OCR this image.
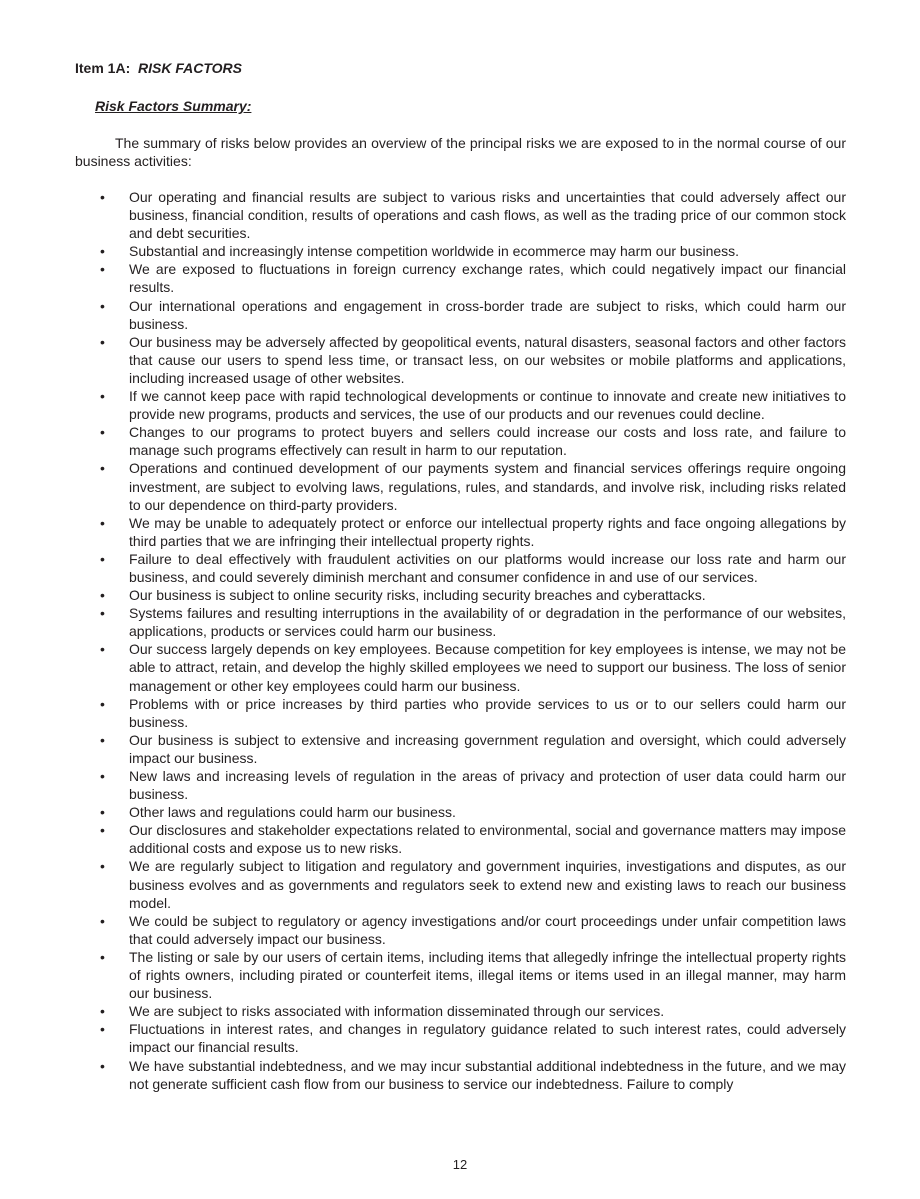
Item 1A: RISK FACTORS

Risk Factors Summary:

The summary of risks below provides an overview of the principal risks we are exposed to in the normal course of our business activities:

• Our operating and financial results are subject to various risks and uncertainties that could adversely affect our business, financial condition, results of operations and cash flows, as well as the trading price of our common stock and debt securities.
• Substantial and increasingly intense competition worldwide in ecommerce may harm our business.
• We are exposed to fluctuations in foreign currency exchange rates, which could negatively impact our financial results.
• Our international operations and engagement in cross-border trade are subject to risks, which could harm our business.
• Our business may be adversely affected by geopolitical events, natural disasters, seasonal factors and other factors that cause our users to spend less time, or transact less, on our websites or mobile platforms and applications, including increased usage of other websites.
• If we cannot keep pace with rapid technological developments or continue to innovate and create new initiatives to provide new programs, products and services, the use of our products and our revenues could decline.
• Changes to our programs to protect buyers and sellers could increase our costs and loss rate, and failure to manage such programs effectively can result in harm to our reputation.
• Operations and continued development of our payments system and financial services offerings require ongoing investment, are subject to evolving laws, regulations, rules, and standards, and involve risk, including risks related to our dependence on third-party providers.
• We may be unable to adequately protect or enforce our intellectual property rights and face ongoing allegations by third parties that we are infringing their intellectual property rights.
• Failure to deal effectively with fraudulent activities on our platforms would increase our loss rate and harm our business, and could severely diminish merchant and consumer confidence in and use of our services.
• Our business is subject to online security risks, including security breaches and cyberattacks.
• Systems failures and resulting interruptions in the availability of or degradation in the performance of our websites, applications, products or services could harm our business.
• Our success largely depends on key employees. Because competition for key employees is intense, we may not be able to attract, retain, and develop the highly skilled employees we need to support our business. The loss of senior management or other key employees could harm our business.
• Problems with or price increases by third parties who provide services to us or to our sellers could harm our business.
• Our business is subject to extensive and increasing government regulation and oversight, which could adversely impact our business.
• New laws and increasing levels of regulation in the areas of privacy and protection of user data could harm our business.
• Other laws and regulations could harm our business.
• Our disclosures and stakeholder expectations related to environmental, social and governance matters may impose additional costs and expose us to new risks.
• We are regularly subject to litigation and regulatory and government inquiries, investigations and disputes, as our business evolves and as governments and regulators seek to extend new and existing laws to reach our business model.
• We could be subject to regulatory or agency investigations and/or court proceedings under unfair competition laws that could adversely impact our business.
• The listing or sale by our users of certain items, including items that allegedly infringe the intellectual property rights of rights owners, including pirated or counterfeit items, illegal items or items used in an illegal manner, may harm our business.
• We are subject to risks associated with information disseminated through our services.
• Fluctuations in interest rates, and changes in regulatory guidance related to such interest rates, could adversely impact our financial results.
• We have substantial indebtedness, and we may incur substantial additional indebtedness in the future, and we may not generate sufficient cash flow from our business to service our indebtedness. Failure to comply
12
